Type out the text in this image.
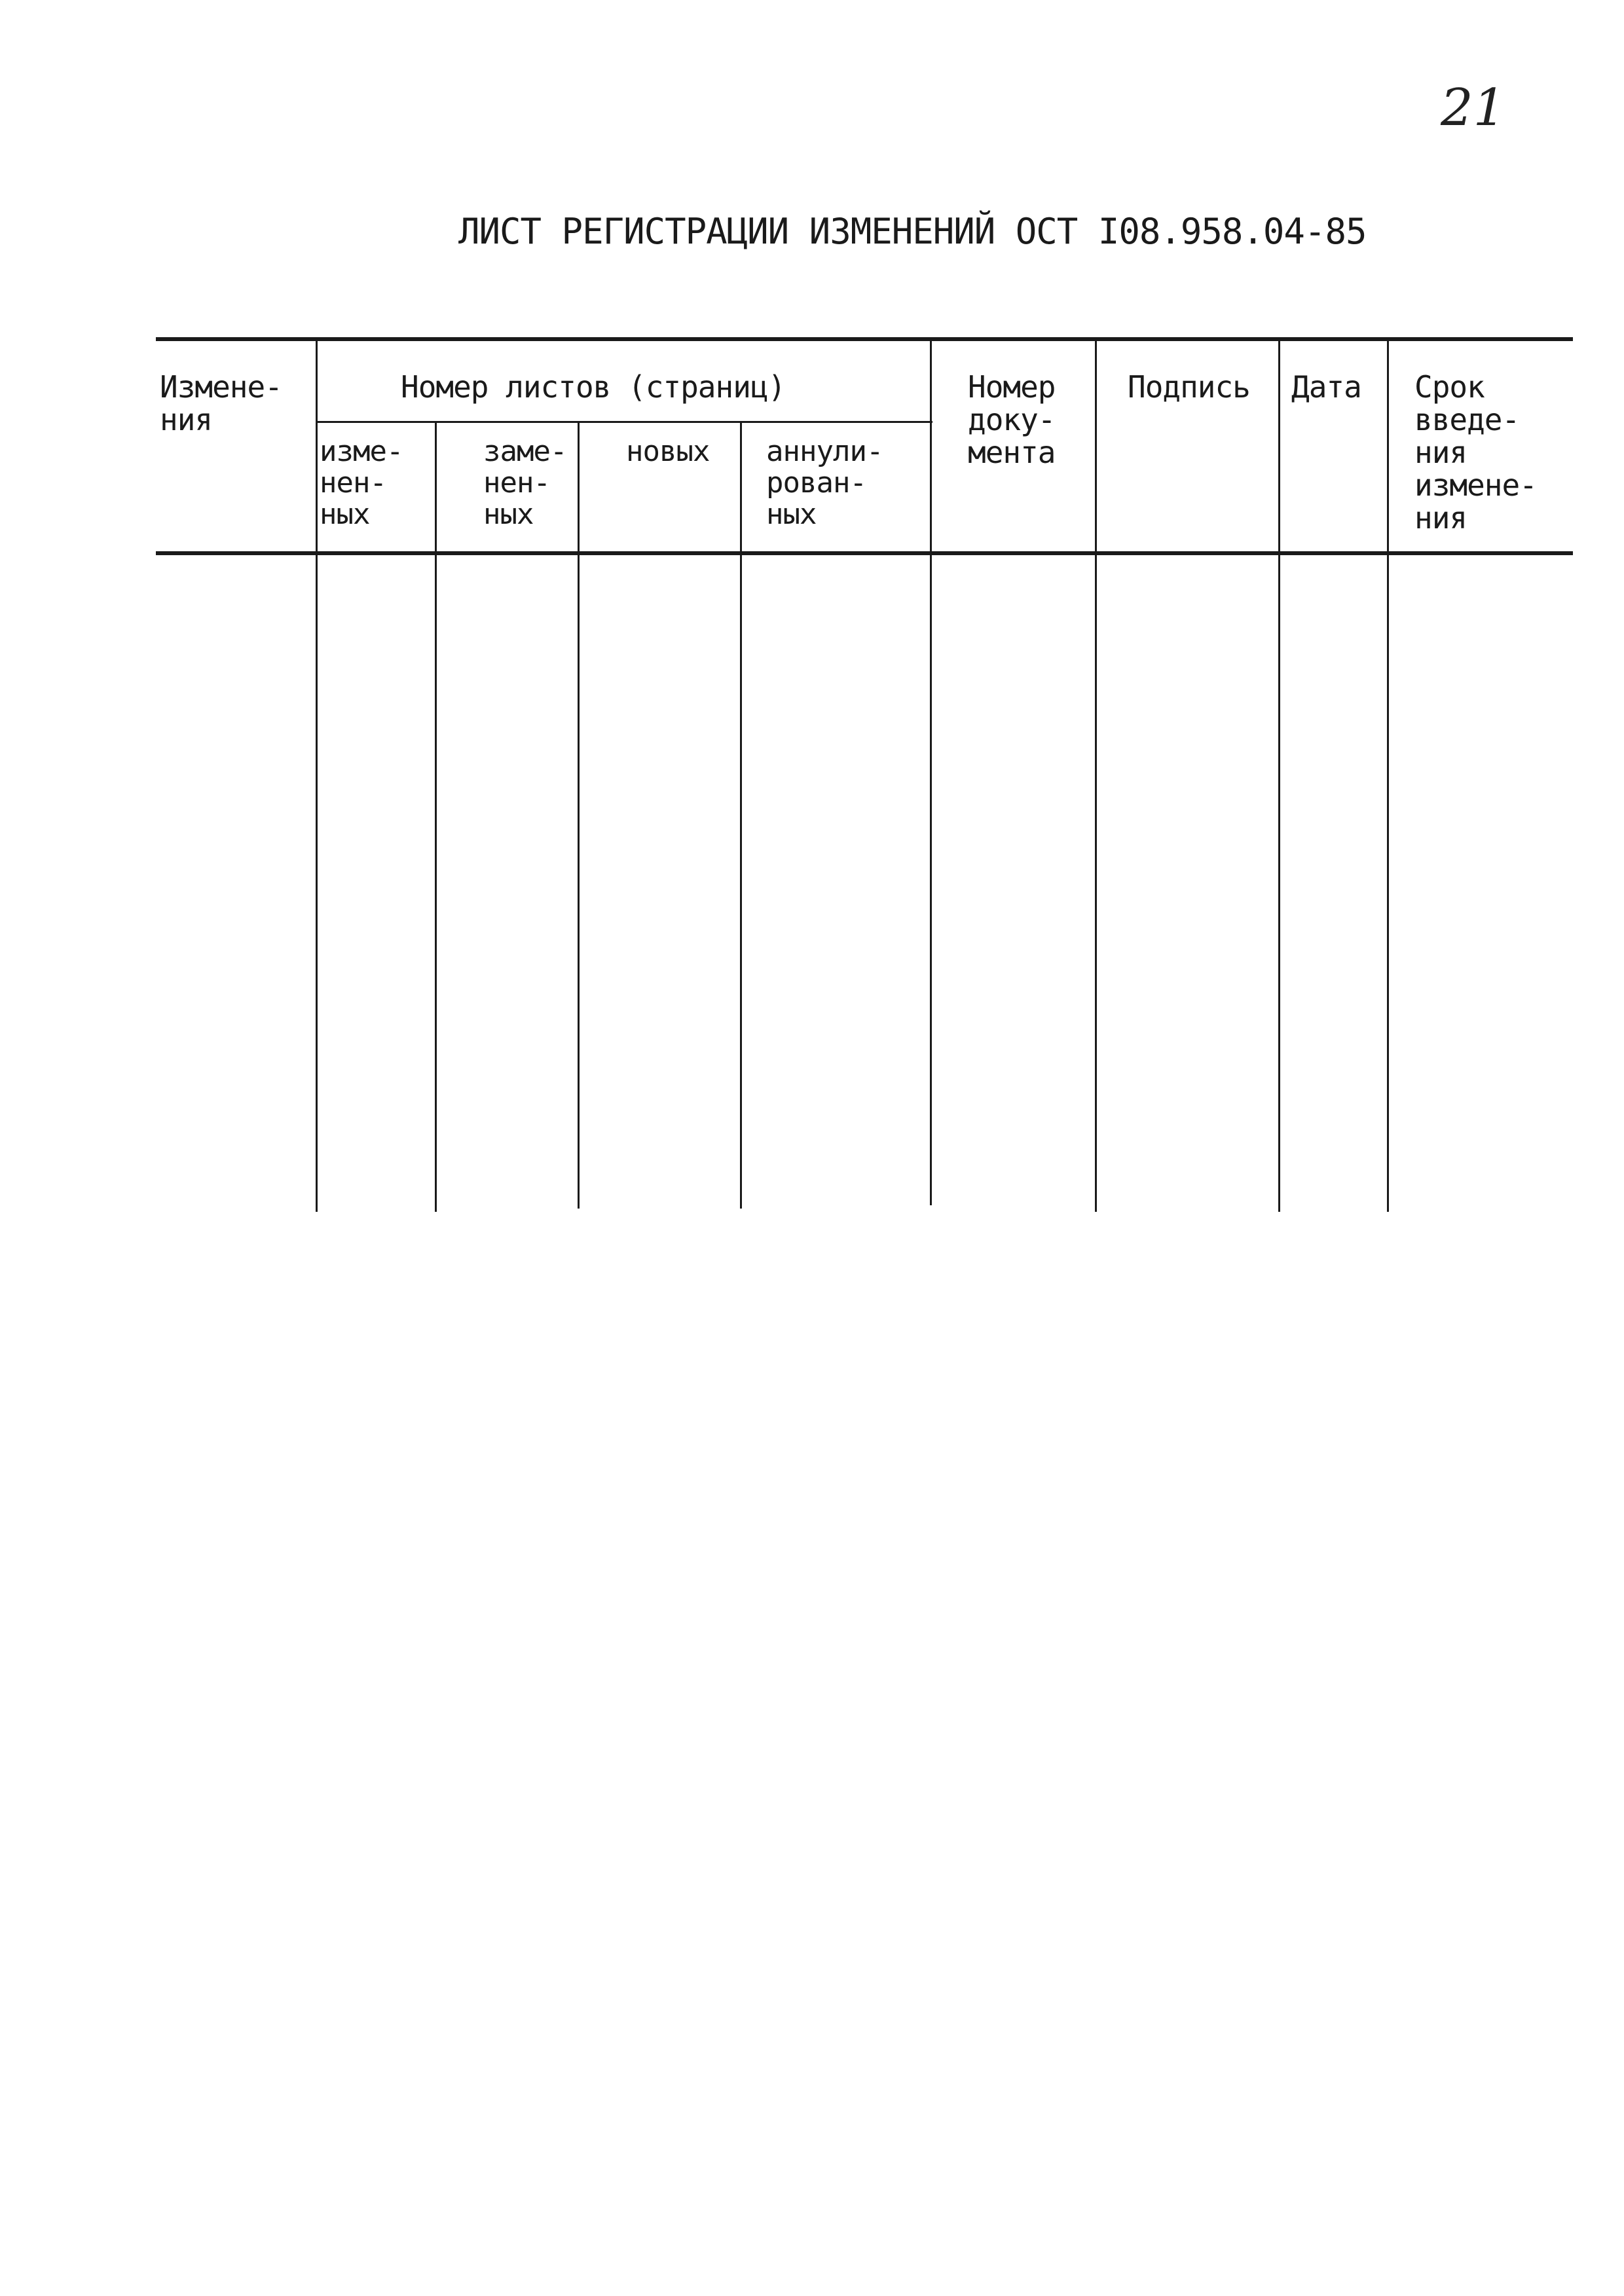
21
ЛИСТ РЕГИСТРАЦИИ ИЗМЕНЕНИЙ ОСТ I08.958.04-85
Измене-
ния
Номер листов (страниц)
изме-
нен-
ных
заме-
нен-
ных
новых аннули-
рован-
ных
Номер
доку-
мента
Подпись Дата Срок
введе-
ния
измене-
ния
